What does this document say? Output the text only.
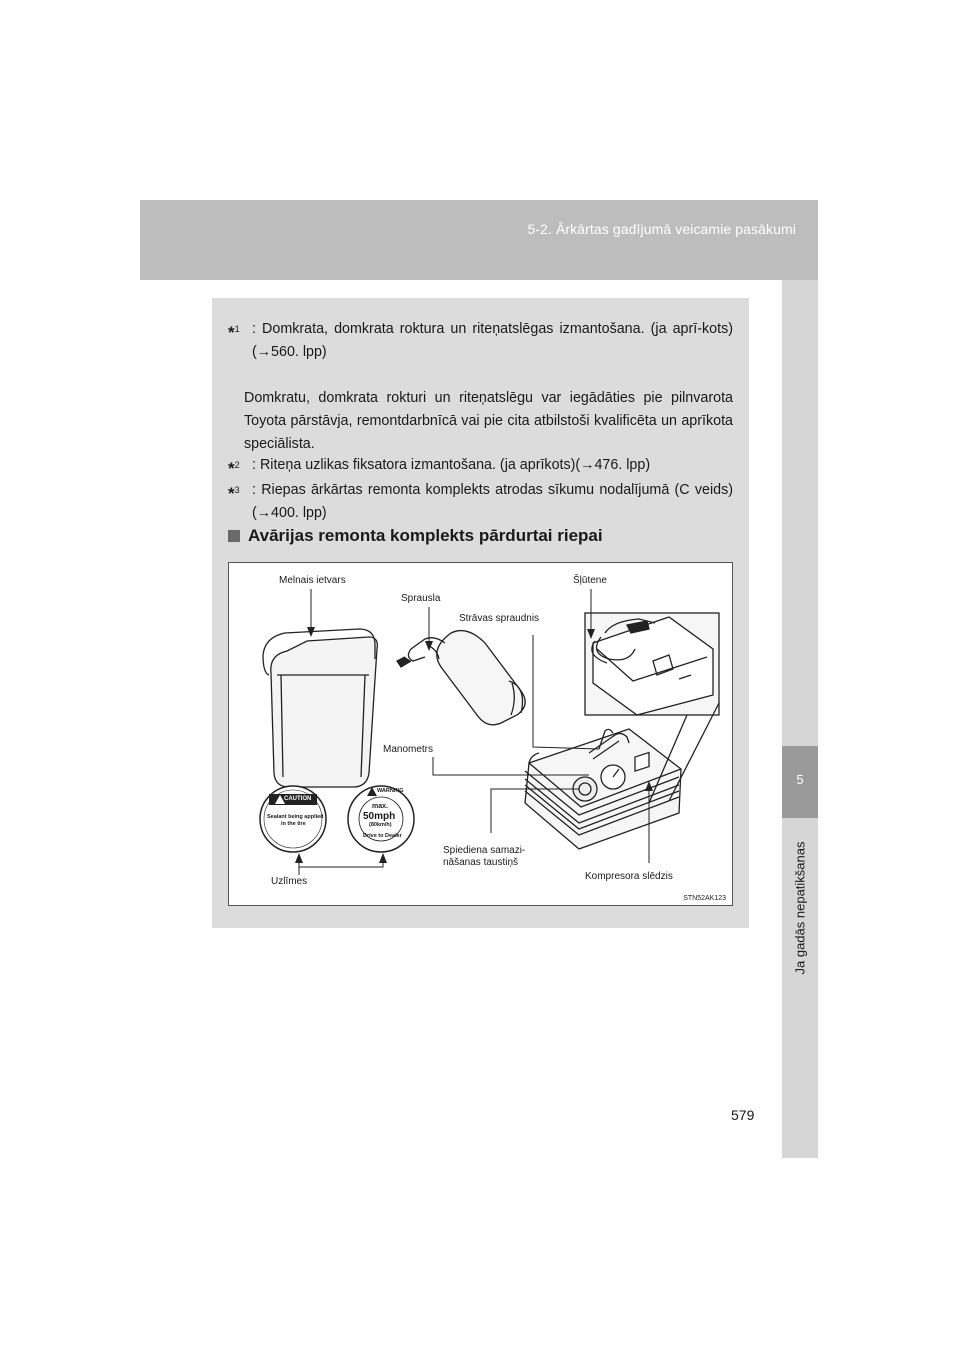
5-2. Ārkārtas gadījumā veicamie pasākumi
5
Ja gadās nepatikšanas
*$^1$ : Domkrata, domkrata roktura un riteņatslēgas izmantošana. (ja aprī-kots) (→560. lpp)
Domkratu, domkrata rokturi un riteņatslēgu var iegādāties pie pilnvarota Toyota pārstāvja, remontdarbnīcā vai pie cita atbilstoši kvalificēta un aprīkota speciālista.
*$^2$ : Riteņa uzlikas fiksatora izmantošana. (ja aprīkots)(→476. lpp)
*$^3$ : Riepas ārkārtas remonta komplekts atrodas sīkumu nodalījumā (C veids) (→400. lpp)
Avārijas remonta komplekts pārdurtai riepai
Melnais ietvars
Sprausla
Strāvas spraudnis
Šļūtene
Manometrs
Spiediena samazi-
nāšanas taustiņš
Kompresora slēdzis
Uzlīmes
CAUTION
Sealant being applied
in the tire
WARNING
max.
50mph
(80km/h)
Drive to Dealer
STN52AK123
579
